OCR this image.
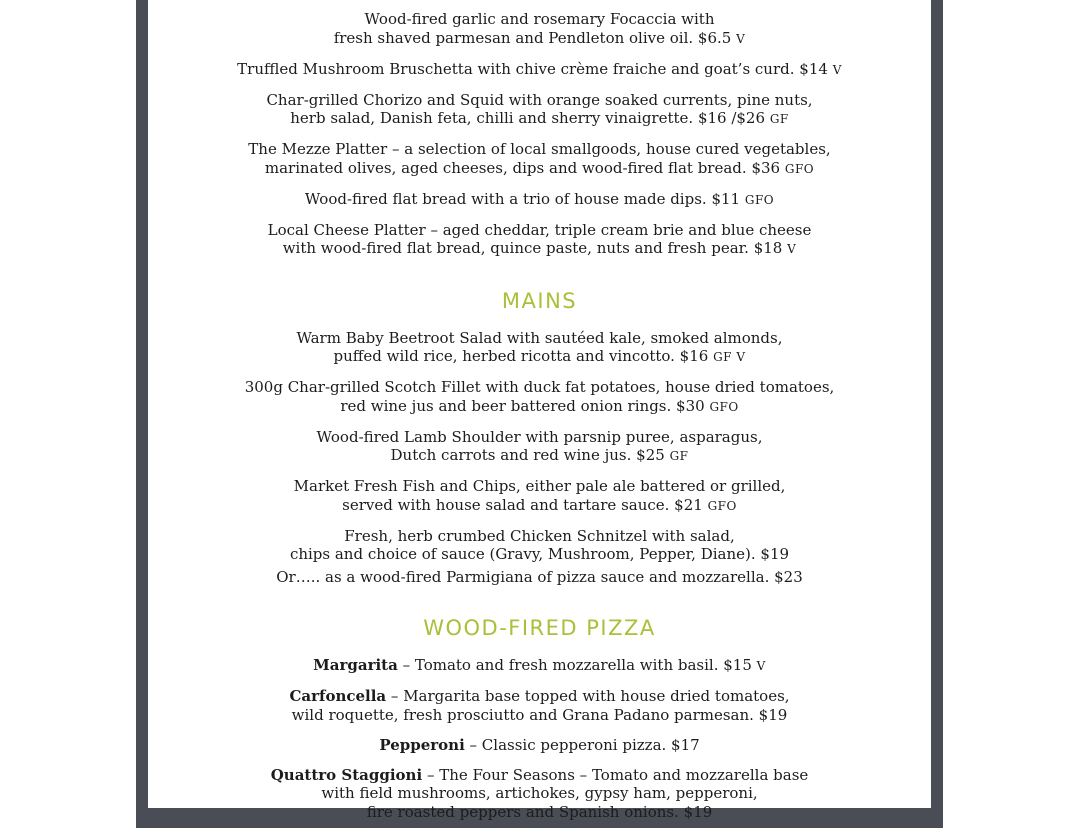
Wood-fired garlic and rosemary Focaccia with
fresh shaved parmesan and Pendleton olive oil. $6.5 V
Truffled Mushroom Bruschetta with chive crème fraiche and goat’s curd. $14 V
Char-grilled Chorizo and Squid with orange soaked currents, pine nuts,
herb salad, Danish feta, chilli and sherry vinaigrette. $16 /$26 GF
The Mezze Platter – a selection of local smallgoods, house cured vegetables,
marinated olives, aged cheeses, dips and wood-fired flat bread. $36 GFO
Wood-fired flat bread with a trio of house made dips. $11 GFO
Local Cheese Platter – aged cheddar, triple cream brie and blue cheese
with wood-fired flat bread, quince paste, nuts and fresh pear. $18 V
MAINS
Warm Baby Beetroot Salad with sautéed kale, smoked almonds,
puffed wild rice, herbed ricotta and vincotto. $16 GF V
300g Char-grilled Scotch Fillet with duck fat potatoes, house dried tomatoes,
red wine jus and beer battered onion rings. $30 GFO
Wood-fired Lamb Shoulder with parsnip puree, asparagus,
Dutch carrots and red wine jus. $25 GF
Market Fresh Fish and Chips, either pale ale battered or grilled,
served with house salad and tartare sauce. $21 GFO
Fresh, herb crumbed Chicken Schnitzel with salad,
chips and choice of sauce (Gravy, Mushroom, Pepper, Diane). $19
Or….. as a wood-fired Parmigiana of pizza sauce and mozzarella. $23
WOOD-FIRED PIZZA
Margarita – Tomato and fresh mozzarella with basil. $15 V
Carfoncella – Margarita base topped with house dried tomatoes,
wild roquette, fresh prosciutto and Grana Padano parmesan. $19
Pepperoni – Classic pepperoni pizza. $17
Quattro Staggioni – The Four Seasons – Tomato and mozzarella base
with field mushrooms, artichokes, gypsy ham, pepperoni,
fire roasted peppers and Spanish onions. $19
